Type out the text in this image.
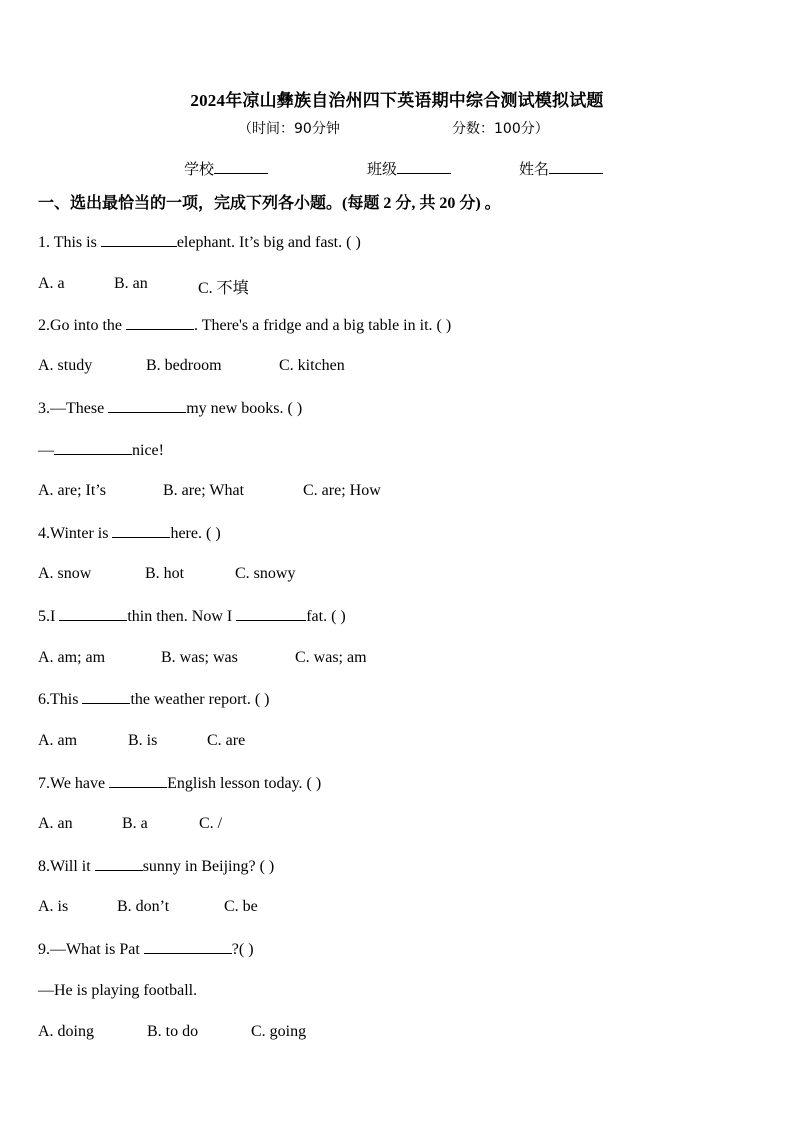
2024年凉山彝族自治州四下英语期中综合测试模拟试题
（时间：90分钟	分数：100分）
学校	班级	姓名
一、选出最恰当的一项，完成下列各小题。(每题 2 分, 共 20 分) 。
1. This is	elephant. It’s big and fast. ( )
A. a	B. an	C. 不填
2.Go into the	. There's a fridge and a big table in it. ( )
A. study	B. bedroom	C. kitchen
3.—These	my new books. ( )
—	nice!
A. are; It’s	B. are; What	C. are; How
4.Winter is	here. ( )
A. snow	B. hot	C. snowy
5.I	thin then. Now I	fat. ( )
A. am; am	B. was; was	C. was; am
6.This	the weather report. ( )
A. am	B. is	C. are
7.We have	English lesson today. ( )
A. an	B. a	C. /
8.Will it	sunny in Beijing? ( )
A. is	B. don’t	C. be
9.—What is Pat	?( )
—He is playing football.
A. doing	B. to do	C. going
